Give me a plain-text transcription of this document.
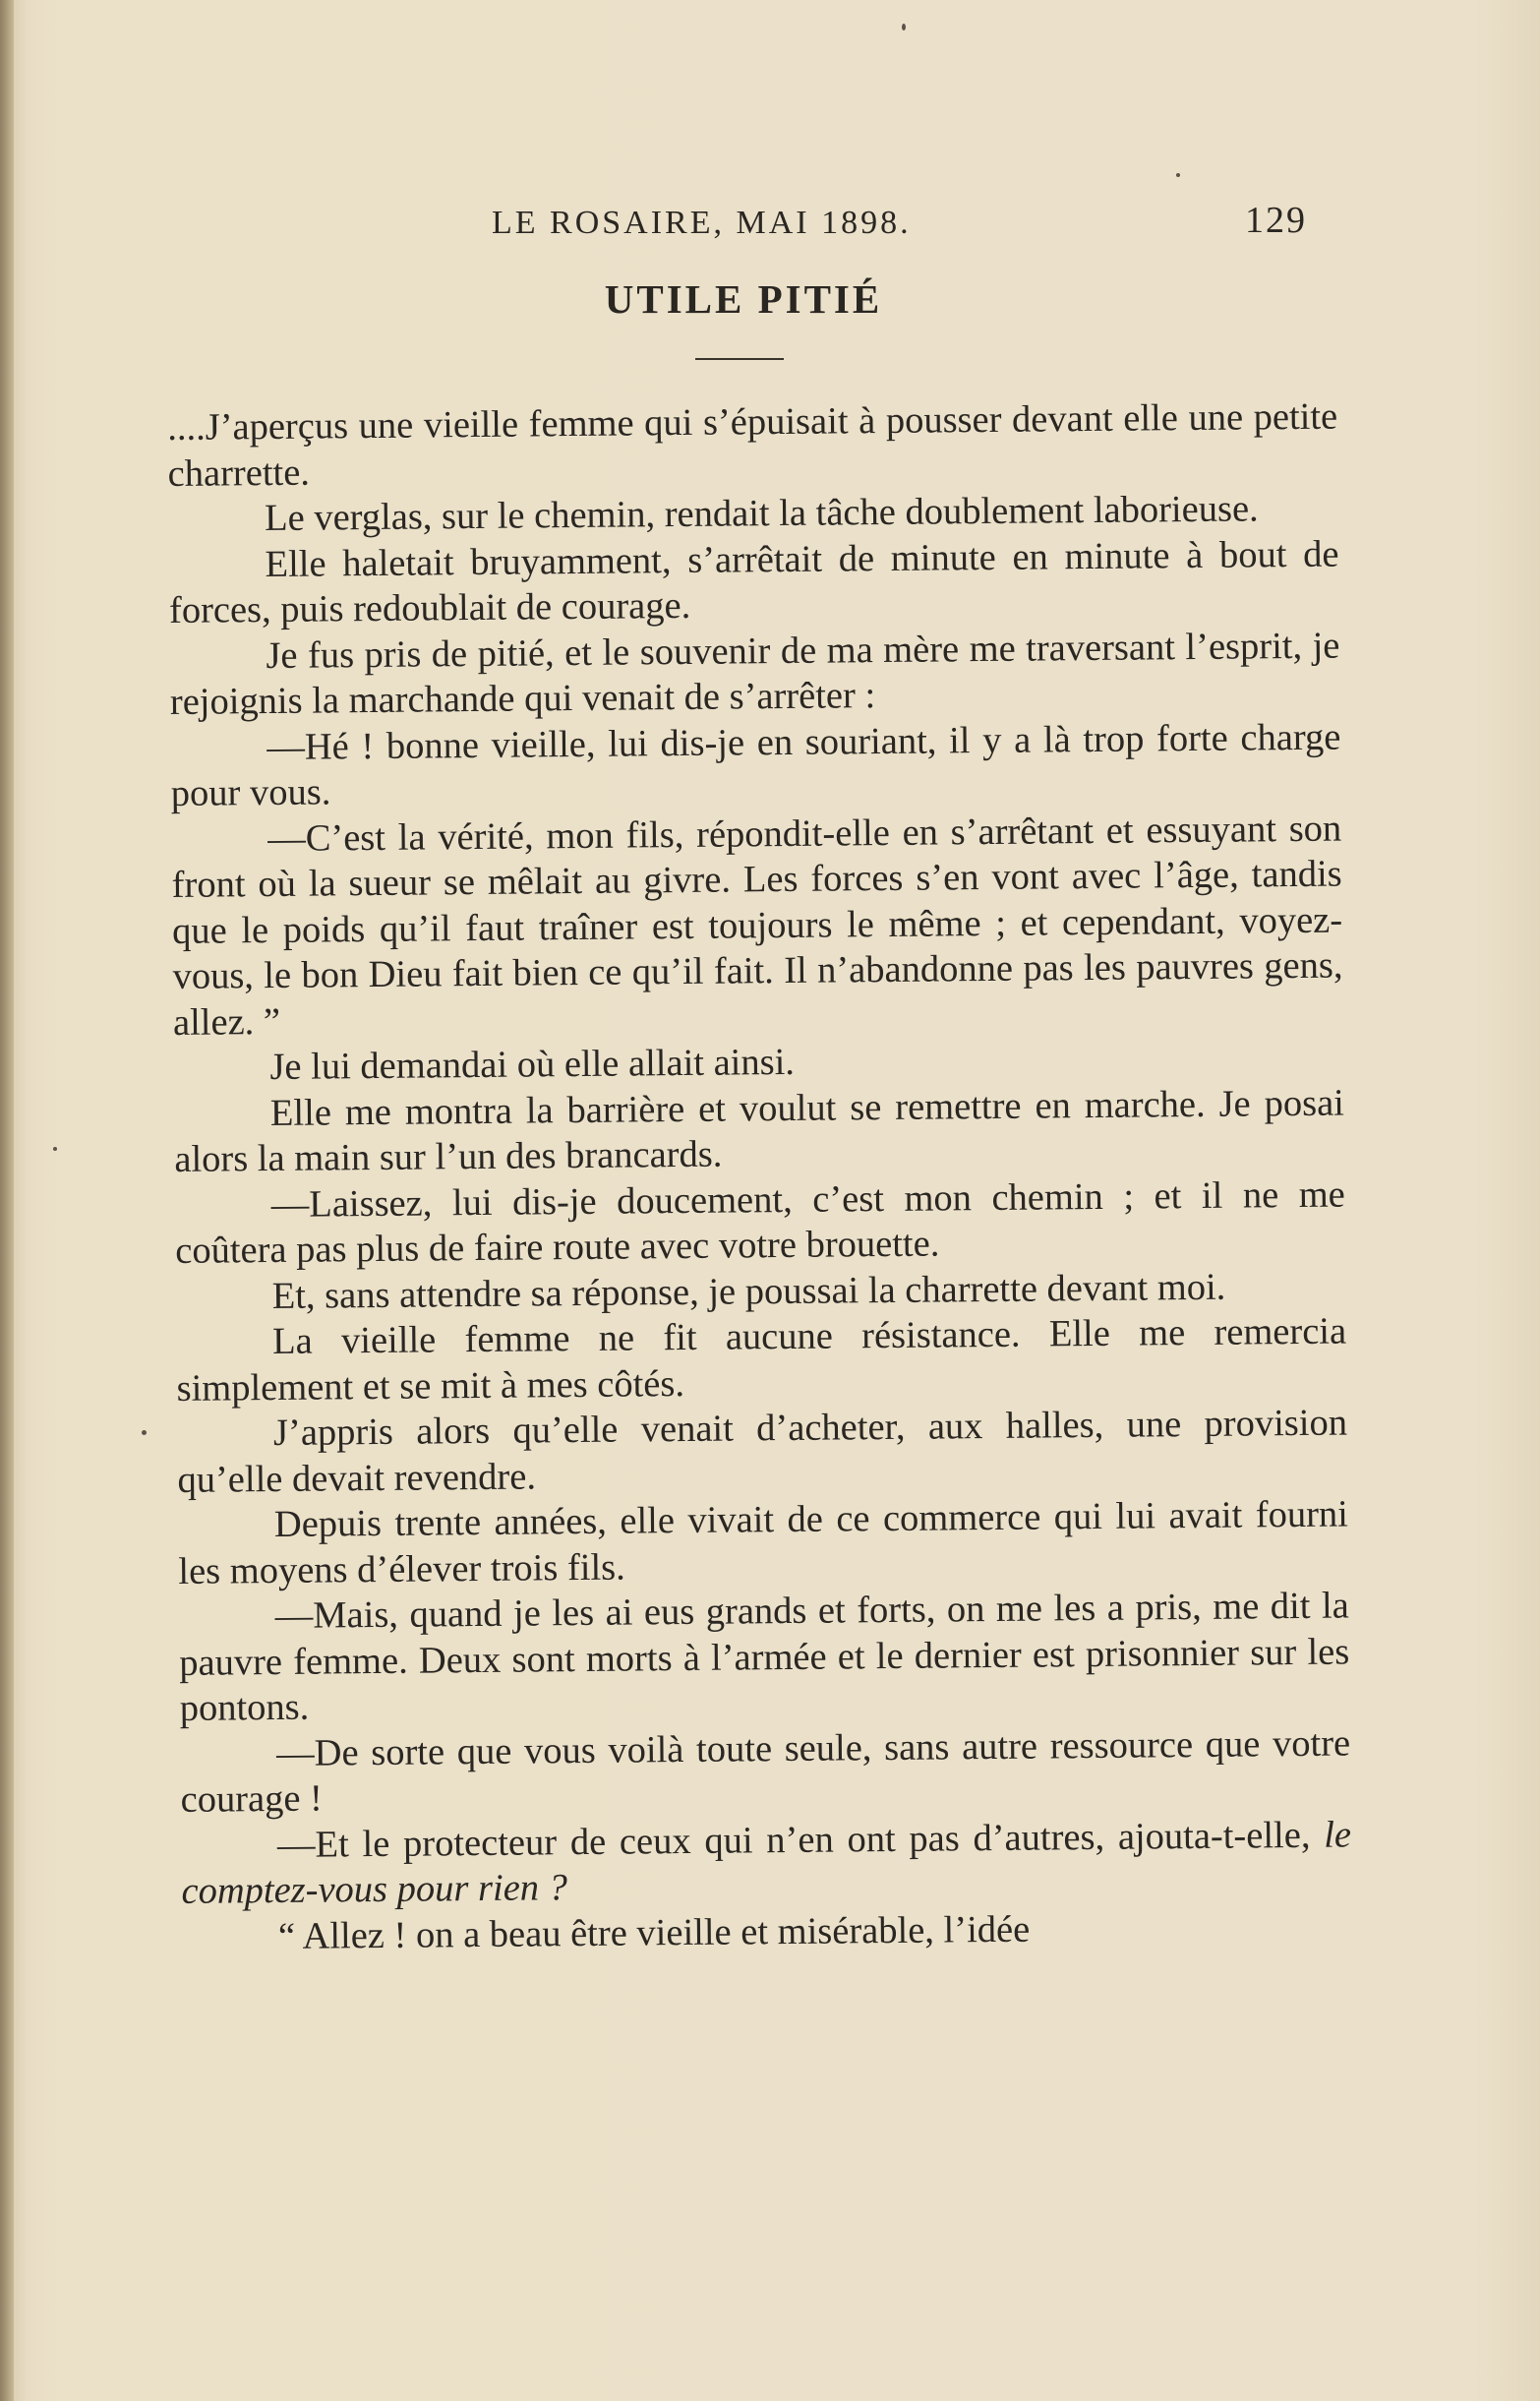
LE ROSAIRE, MAI 1898.	129
UTILE PITIÉ

....J’aperçus une vieille femme qui s’épuisait à pousser devant elle une petite charrette.

Le verglas, sur le chemin, rendait la tâche doublement laborieuse.

Elle haletait bruyamment, s’arrêtait de minute en minute à bout de forces, puis redoublait de courage.

Je fus pris de pitié, et le souvenir de ma mère me traversant l’esprit, je rejoignis la marchande qui venait de s’arrêter :

—Hé ! bonne vieille, lui dis-je en souriant, il y a là trop forte charge pour vous.

—C’est la vérité, mon fils, répondit-elle en s’arrêtant et essuyant son front où la sueur se mêlait au givre. Les forces s’en vont avec l’âge, tandis que le poids qu’il faut traîner est toujours le même ; et cependant, voyez-vous, le bon Dieu fait bien ce qu’il fait. Il n’abandonne pas les pauvres gens, allez. ”

Je lui demandai où elle allait ainsi.

Elle me montra la barrière et voulut se remettre en marche. Je posai alors la main sur l’un des brancards.

—Laissez, lui dis-je doucement, c’est mon chemin ; et il ne me coûtera pas plus de faire route avec votre brouette.

Et, sans attendre sa réponse, je poussai la charrette devant moi.

La vieille femme ne fit aucune résistance. Elle me remercia simplement et se mit à mes côtés.

J’appris alors qu’elle venait d’acheter, aux halles, une provision qu’elle devait revendre.

Depuis trente années, elle vivait de ce commerce qui lui avait fourni les moyens d’élever trois fils.

—Mais, quand je les ai eus grands et forts, on me les a pris, me dit la pauvre femme. Deux sont morts à l’armée et le dernier est prisonnier sur les pontons.

—De sorte que vous voilà toute seule, sans autre ressource que votre courage !

—Et le protecteur de ceux qui n’en ont pas d’autres, ajouta-t-elle, le comptez-vous pour rien ?

“ Allez ! on a beau être vieille et misérable, l’idée
